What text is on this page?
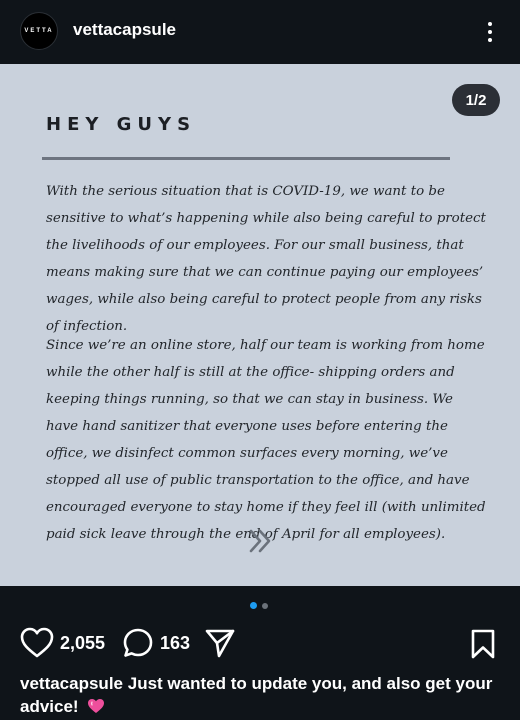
VETTA vettacapsule
1/2
HEY GUYS
With the serious situation that is COVID-19, we want to be sensitive to what’s happening while also being careful to protect the livelihoods of our employees. For our small business, that means making sure that we can continue paying our employees’ wages, while also being careful to protect people from any risks of infection.
Since we’re an online store, half our team is working from home while the other half is still at the office- shipping orders and keeping things running, so that we can stay in business. We have hand sanitizer that everyone uses before entering the office, we disinfect common surfaces every morning, we’ve stopped all use of public transportation to the office, and have encouraged everyone to stay home if they feel ill (with unlimited paid sick leave through the end of April for all employees).
2,055	163
vettacapsule Just wanted to update you, and also get your advice!
